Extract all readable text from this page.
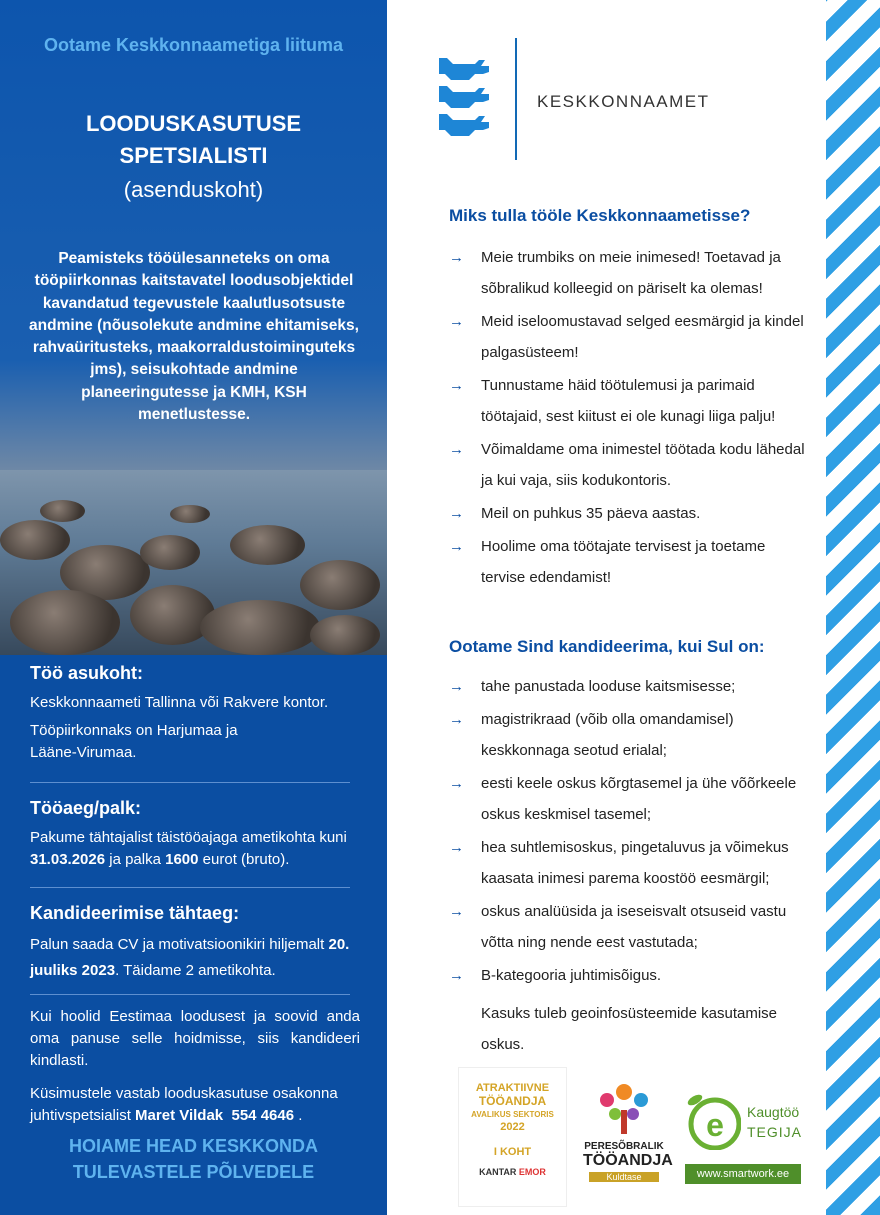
Ootame Keskkonnaametiga liituma
LOODUSKASUTUSE
SPETSIALISTI
(asenduskoht)
Peamisteks tööülesanneteks on oma tööpiirkonnas kaitstavatel loodusobjektidel kavandatud tegevustele kaalutlusotsuste andmine (nõusolekute andmine ehitamiseks, rahvaüritusteks, maakorraldustoiminguteks jms), seisukohtade andmine planeeringutesse ja KMH, KSH menetlustesse.
Töö asukoht:

Keskkonnaameti Tallinna või Rakvere kontor.

Tööpiirkonnaks on Harjumaa ja Lääne-Virumaa.

Tööaeg/palk:

Pakume tähtajalist täistööajaga ametikohta kuni 31.03.2026 ja palka 1600 eurot (bruto).

Kandideerimise tähtaeg:

Palun saada CV ja motivatsioonikiri hiljemalt 20. juuliks 2023. Täidame 2 ametikohta.

Kui hoolid Eestimaa loodusest ja soovid anda oma panuse selle hoidmisse, siis kandideeri kindlasti.
Küsimustele vastab looduskasutuse osakonna juhtivspetsialist Maret Vildak 554 4646 .
HOIAME HEAD KESKKONDA
TULEVASTELE PÕLVEDELE
KESKKONNAAMET
Miks tulla tööle Keskkonnaametisse?
→ Meie trumbiks on meie inimesed! Toetavad ja sõbralikud kolleegid on päriselt ka olemas!
→ Meid iseloomustavad selged eesmärgid ja kindel palgasüsteem!
→ Tunnustame häid töötulemusi ja parimaid töötajaid, sest kiitust ei ole kunagi liiga palju!
→ Võimaldame oma inimestel töötada kodu lähedal ja kui vaja, siis kodukontoris.
→ Meil on puhkus 35 päeva aastas.
→ Hoolime oma töötajate tervisest ja toetame tervise edendamist!
Ootame Sind kandideerima, kui Sul on:
→ tahe panustada looduse kaitsmisesse;
→ magistrikraad (võib olla omandamisel) keskkonnaga seotud erialal;
→ eesti keele oskus kõrgtasemel ja ühe võõrkeele oskus keskmisel tasemel;
→ hea suhtlemisoskus, pingetaluvus ja võimekus kaasata inimesi parema koostöö eesmärgil;
→ oskus analüüsida ja iseseisvalt otsuseid vastu võtta ning nende eest vastutada;
→ B-kategooria juhtimisõigus.
Kasuks tuleb geoinfosüsteemide kasutamise oskus.
ATRAKTIIVNE
TÖÖANDJA
AVALIKUS SEKTORIS
2022
I KOHT
KANTAR EMOR
PERESÕBRALIK
TÖÖANDJA
Kuldtase
e Kaugtöö
TEGIJA
www.smartwork.ee
